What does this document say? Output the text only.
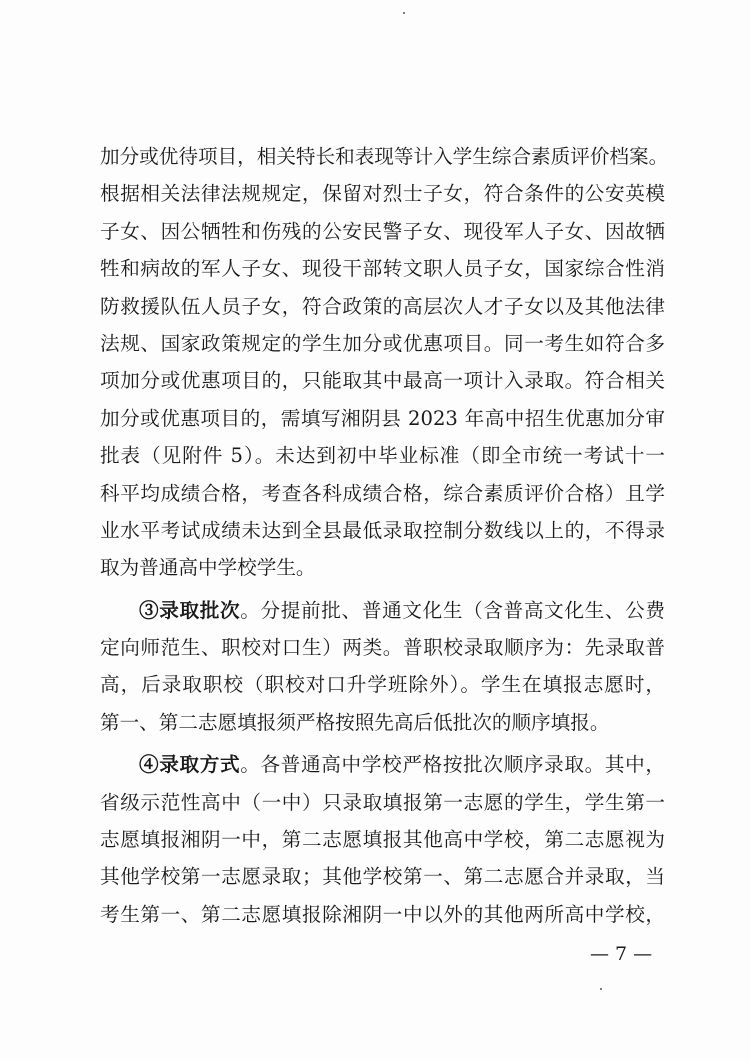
加分或优待项目，相关特长和表现等计入学生综合素质评价档案。
根据相关法律法规规定，保留对烈士子女，符合条件的公安英模
子女、因公牺牲和伤残的公安民警子女、现役军人子女、因故牺
牲和病故的军人子女、现役干部转文职人员子女，国家综合性消
防救援队伍人员子女，符合政策的高层次人才子女以及其他法律
法规、国家政策规定的学生加分或优惠项目。同一考生如符合多
项加分或优惠项目的，只能取其中最高一项计入录取。符合相关
加分或优惠项目的，需填写湘阴县 2023 年高中招生优惠加分审
批表（见附件 5）。未达到初中毕业标准（即全市统一考试十一
科平均成绩合格，考查各科成绩合格，综合素质评价合格）且学
业水平考试成绩未达到全县最低录取控制分数线以上的，不得录
取为普通高中学校学生。
③录取批次。分提前批、普通文化生（含普高文化生、公费
定向师范生、职校对口生）两类。普职校录取顺序为：先录取普
高，后录取职校（职校对口升学班除外）。学生在填报志愿时，
第一、第二志愿填报须严格按照先高后低批次的顺序填报。
④录取方式。各普通高中学校严格按批次顺序录取。其中，
省级示范性高中（一中）只录取填报第一志愿的学生，学生第一
志愿填报湘阴一中，第二志愿填报其他高中学校，第二志愿视为
其他学校第一志愿录取；其他学校第一、第二志愿合并录取，当
考生第一、第二志愿填报除湘阴一中以外的其他两所高中学校，
— 7 —
